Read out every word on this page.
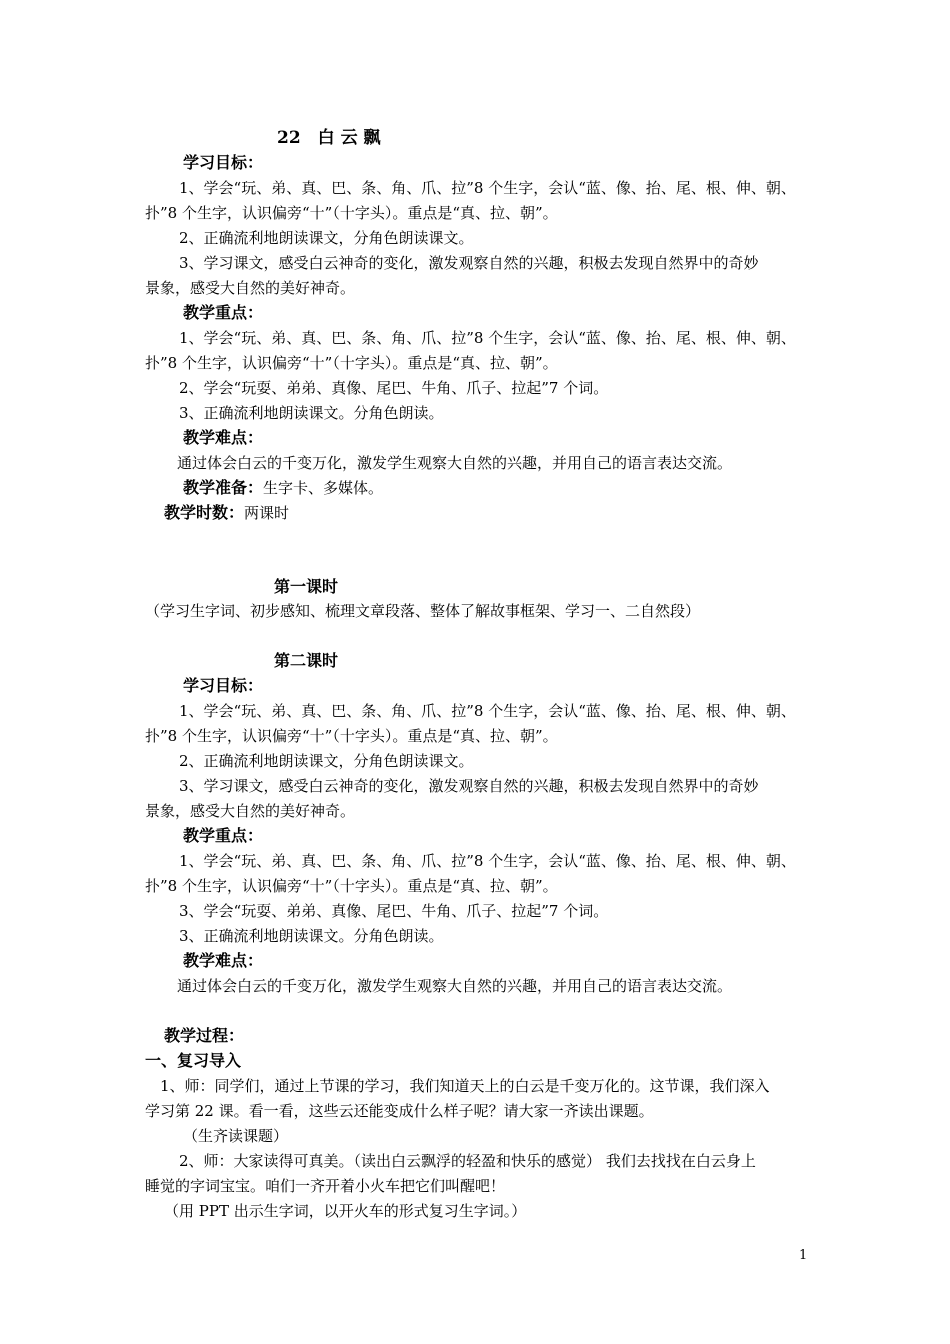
22　白 云 飘
学习目标：
1、学会“玩、弟、真、巴、条、角、爪、拉”8 个生字，会认“蓝、像、抬、尾、根、伸、朝、
扑”8 个生字，认识偏旁“十”（十字头）。重点是“真、拉、朝”。
2、正确流利地朗读课文，分角色朗读课文。
3、学习课文，感受白云神奇的变化，激发观察自然的兴趣，积极去发现自然界中的奇妙
景象，感受大自然的美好神奇。
教学重点：
1、学会“玩、弟、真、巴、条、角、爪、拉”8 个生字，会认“蓝、像、抬、尾、根、伸、朝、
扑”8 个生字，认识偏旁“十”（十字头）。重点是“真、拉、朝”。
2、学会“玩耍、弟弟、真像、尾巴、牛角、爪子、拉起”7 个词。
3、正确流利地朗读课文。分角色朗读。
教学难点：
通过体会白云的千变万化，激发学生观察大自然的兴趣，并用自己的语言表达交流。
教学准备：生字卡、多媒体。
教学时数：两课时
第一课时
（学习生字词、初步感知、梳理文章段落、整体了解故事框架、学习一、二自然段）
第二课时
学习目标：
1、学会“玩、弟、真、巴、条、角、爪、拉”8 个生字，会认“蓝、像、抬、尾、根、伸、朝、
扑”8 个生字，认识偏旁“十”（十字头）。重点是“真、拉、朝”。
2、正确流利地朗读课文，分角色朗读课文。
3、学习课文，感受白云神奇的变化，激发观察自然的兴趣，积极去发现自然界中的奇妙
景象，感受大自然的美好神奇。
教学重点：
1、学会“玩、弟、真、巴、条、角、爪、拉”8 个生字，会认“蓝、像、抬、尾、根、伸、朝、
扑”8 个生字，认识偏旁“十”（十字头）。重点是“真、拉、朝”。
3、学会“玩耍、弟弟、真像、尾巴、牛角、爪子、拉起”7 个词。
3、正确流利地朗读课文。分角色朗读。
教学难点：
通过体会白云的千变万化，激发学生观察大自然的兴趣，并用自己的语言表达交流。
教学过程：
一、复习导入
1、师：同学们，通过上节课的学习，我们知道天上的白云是千变万化的。这节课，我们深入
学习第 22 课。看一看，这些云还能变成什么样子呢？请大家一齐读出课题。
（生齐读课题）
2、师：大家读得可真美。（读出白云飘浮的轻盈和快乐的感觉） 我们去找找在白云身上
睡觉的字词宝宝。咱们一齐开着小火车把它们叫醒吧！
（用 PPT 出示生字词，以开火车的形式复习生字词。）
1
